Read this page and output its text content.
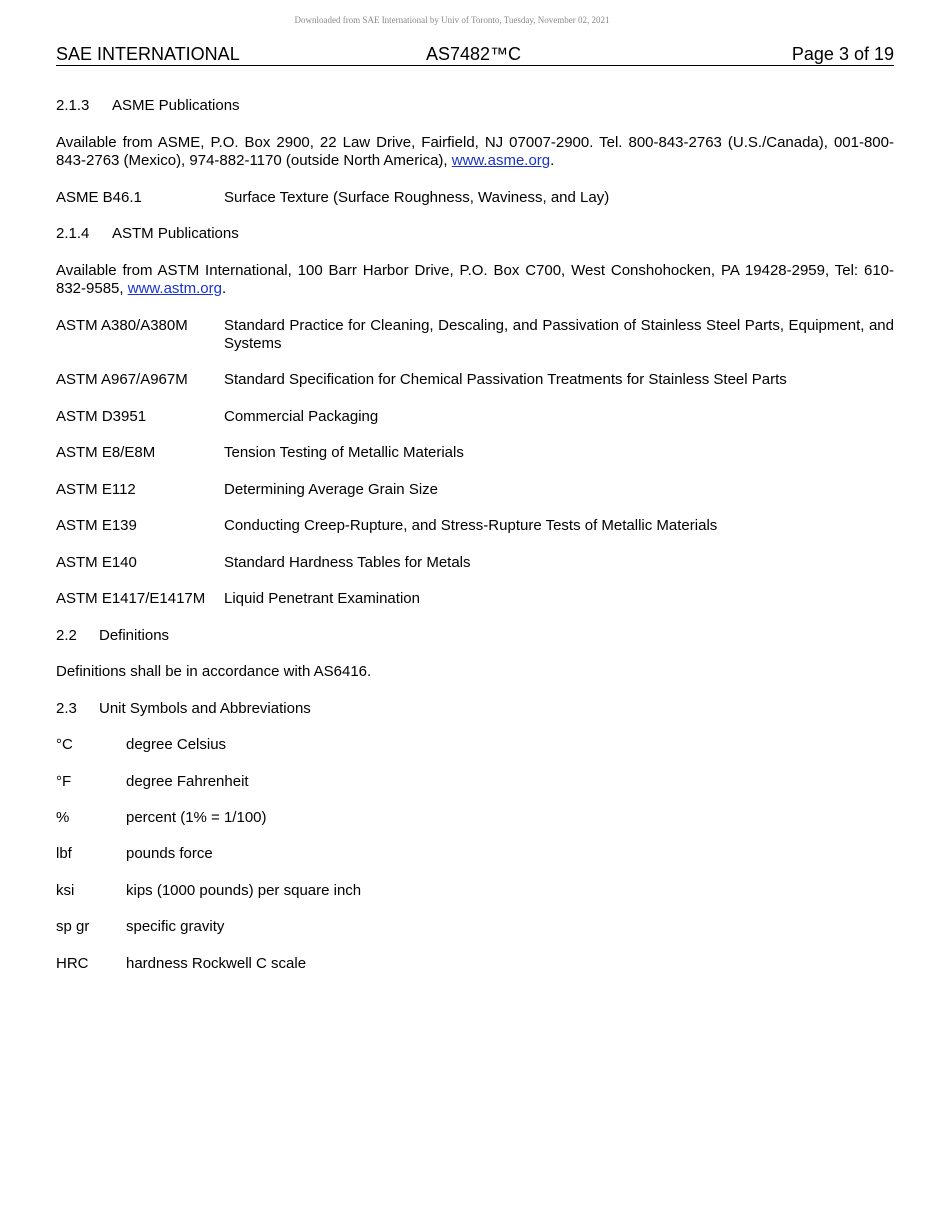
Downloaded from SAE International by Univ of Toronto, Tuesday, November 02, 2021
SAE INTERNATIONAL	AS7482™C	Page 3 of 19
2.1.3 ASME Publications

Available from ASME, P.O. Box 2900, 22 Law Drive, Fairfield, NJ 07007-2900. Tel. 800-843-2763 (U.S./Canada), 001-800-843-2763 (Mexico), 974-882-1170 (outside North America), www.asme.org.

ASME B46.1	Surface Texture (Surface Roughness, Waviness, and Lay)
2.1.4 ASTM Publications

Available from ASTM International, 100 Barr Harbor Drive, P.O. Box C700, West Conshohocken, PA 19428-2959, Tel: 610-832-9585, www.astm.org.

ASTM A380/A380M	Standard Practice for Cleaning, Descaling, and Passivation of Stainless Steel Parts, Equipment, and Systems
ASTM A967/A967M	Standard Specification for Chemical Passivation Treatments for Stainless Steel Parts
ASTM D3951	Commercial Packaging
ASTM E8/E8M	Tension Testing of Metallic Materials
ASTM E112	Determining Average Grain Size
ASTM E139	Conducting Creep-Rupture, and Stress-Rupture Tests of Metallic Materials
ASTM E140	Standard Hardness Tables for Metals
ASTM E1417/E1417M	Liquid Penetrant Examination
2.2 Definitions

Definitions shall be in accordance with AS6416.

2.3 Unit Symbols and Abbreviations
°C	degree Celsius
°F	degree Fahrenheit
%	percent (1% = 1/100)
lbf	pounds force
ksi	kips (1000 pounds) per square inch
sp gr	specific gravity
HRC	hardness Rockwell C scale
